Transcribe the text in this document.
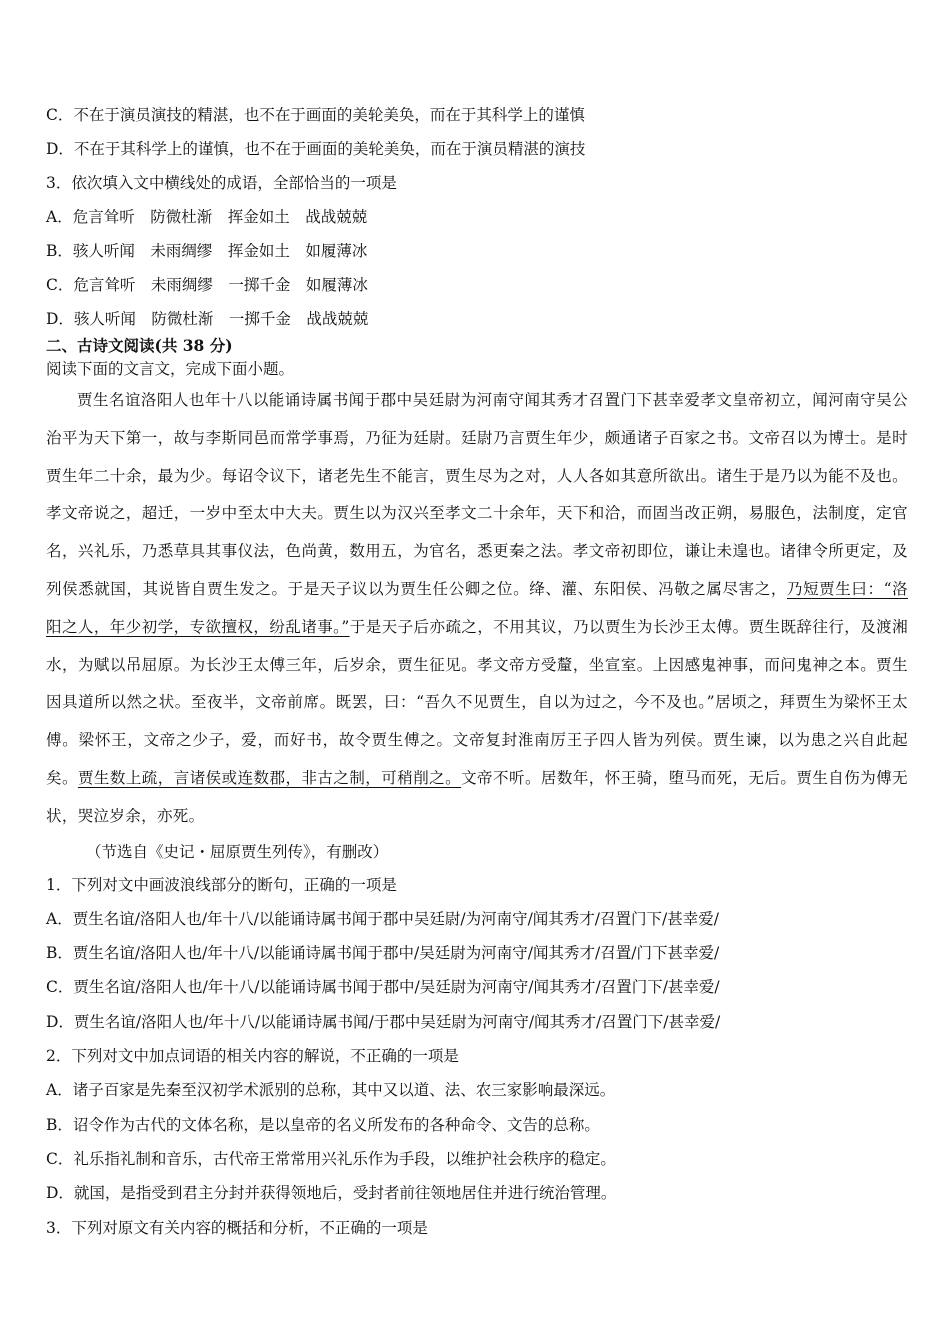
C．不在于演员演技的精湛，也不在于画面的美轮美奂，而在于其科学上的谨慎
D．不在于其科学上的谨慎，也不在于画面的美轮美奂，而在于演员精湛的演技
3．依次填入文中横线处的成语，全部恰当的一项是
A．危言耸听　防微杜渐　挥金如土　战战兢兢
B．骇人听闻　未雨绸缪　挥金如土　如履薄冰
C．危言耸听　未雨绸缪　一掷千金　如履薄冰
D．骇人听闻　防微杜渐　一掷千金　战战兢兢
二、古诗文阅读(共 38 分)
阅读下面的文言文，完成下面小题。
贾生名谊洛阳人也年十八以能诵诗属书闻于郡中吴廷尉为河南守闻其秀才召置门下甚幸爱孝文皇帝初立，闻河南守吴公治平为天下第一，故与李斯同邑而常学事焉，乃征为廷尉。廷尉乃言贾生年少，颇通诸子百家之书。文帝召以为博士。是时贾生年二十余，最为少。每诏令议下，诸老先生不能言，贾生尽为之对，人人各如其意所欲出。诸生于是乃以为能不及也。孝文帝说之，超迁，一岁中至太中大夫。贾生以为汉兴至孝文二十余年，天下和洽，而固当改正朔，易服色，法制度，定官名，兴礼乐，乃悉草具其事仪法，色尚黄，数用五，为官名，悉更秦之法。孝文帝初即位，谦让未遑也。诸律令所更定，及列侯悉就国，其说皆自贾生发之。于是天子议以为贾生任公卿之位。绛、灌、东阳侯、冯敬之属尽害之，乃短贾生曰：“洛阳之人，年少初学，专欲擅权，纷乱诸事。”于是天子后亦疏之，不用其议，乃以贾生为长沙王太傅。贾生既辞往行，及渡湘水，为赋以吊屈原。为长沙王太傅三年，后岁余，贾生征见。孝文帝方受釐，坐宣室。上因感鬼神事，而问鬼神之本。贾生因具道所以然之状。至夜半，文帝前席。既罢，曰：“吾久不见贾生，自以为过之，今不及也。”居顷之，拜贾生为梁怀王太傅。梁怀王，文帝之少子，爱，而好书，故令贾生傅之。文帝复封淮南厉王子四人皆为列侯。贾生谏，以为患之兴自此起矣。贾生数上疏，言诸侯或连数郡，非古之制，可稍削之。文帝不听。居数年，怀王骑，堕马而死，无后。贾生自伤为傅无状，哭泣岁余，亦死。
（节选自《史记・屈原贾生列传》，有删改）
1．下列对文中画波浪线部分的断句，正确的一项是
A．贾生名谊/洛阳人也/年十八/以能诵诗属书闻于郡中吴廷尉/为河南守/闻其秀才/召置门下/甚幸爱/
B．贾生名谊/洛阳人也/年十八/以能诵诗属书闻于郡中/吴廷尉为河南守/闻其秀才/召置/门下甚幸爱/
C．贾生名谊/洛阳人也/年十八/以能诵诗属书闻于郡中/吴廷尉为河南守/闻其秀才/召置门下/甚幸爱/
D．贾生名谊/洛阳人也/年十八/以能诵诗属书闻/于郡中吴廷尉为河南守/闻其秀才/召置门下/甚幸爱/
2．下列对文中加点词语的相关内容的解说，不正确的一项是
A．诸子百家是先秦至汉初学术派别的总称，其中又以道、法、农三家影响最深远。
B．诏令作为古代的文体名称，是以皇帝的名义所发布的各种命令、文告的总称。
C．礼乐指礼制和音乐，古代帝王常常用兴礼乐作为手段，以维护社会秩序的稳定。
D．就国，是指受到君主分封并获得领地后，受封者前往领地居住并进行统治管理。
3．下列对原文有关内容的概括和分析，不正确的一项是
